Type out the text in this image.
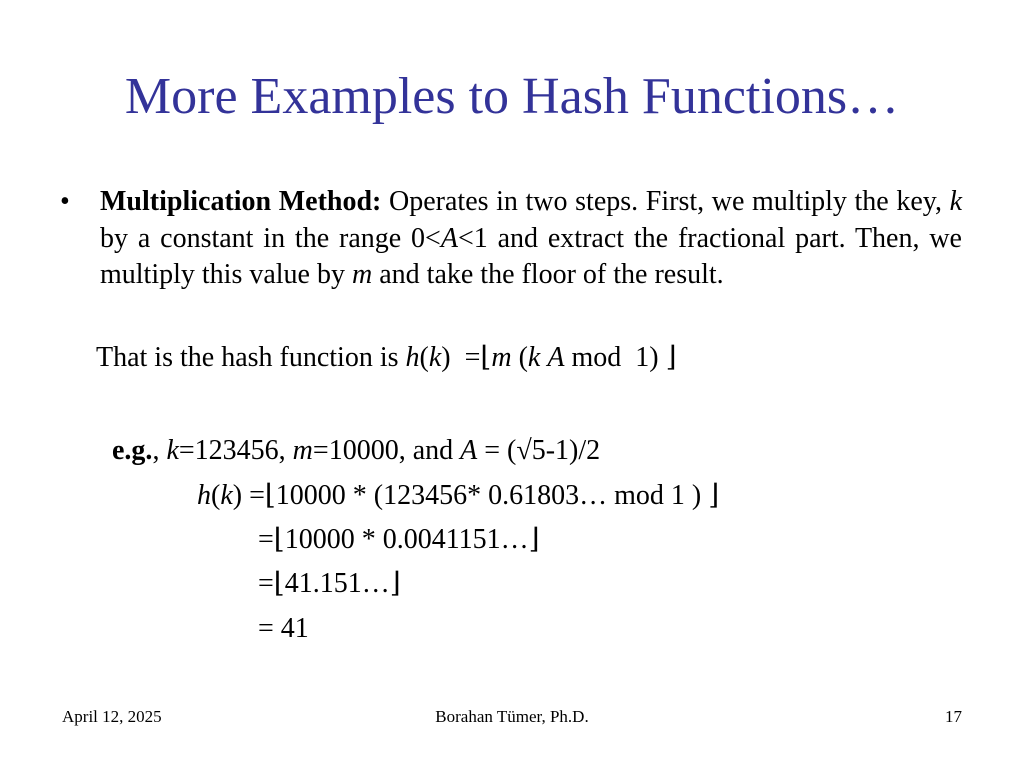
More Examples to Hash Functions…
• Multiplication Method: Operates in two steps. First, we multiply the key, k by a constant in the range 0<A<1 and extract the fractional part. Then, we multiply this value by m and take the floor of the result.
That is the hash function is h(k)  =⌊m (k A mod  1) ⌋
e.g., k=123456, m=10000, and A = (√5-1)/2
h(k) =⌊10000 * (123456* 0.61803… mod 1 ) ⌋
=⌊10000 * 0.0041151…⌋
=⌊41.151…⌋
= 41
April 12, 2025	Borahan Tümer, Ph.D.	17
